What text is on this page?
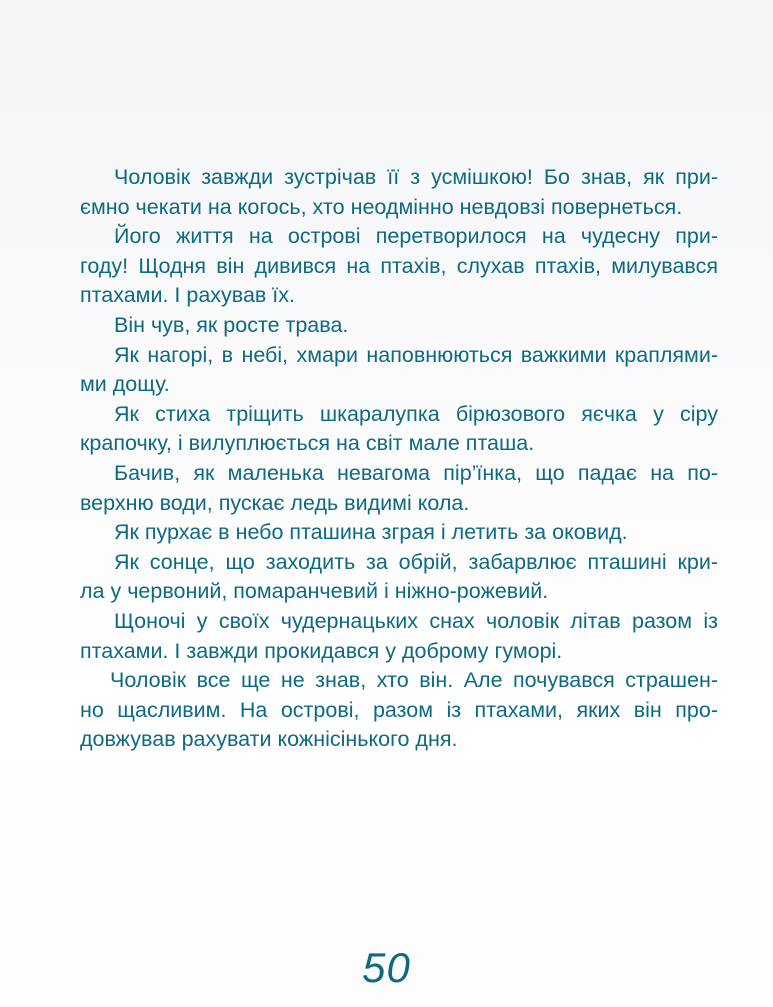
Чоловік завжди зустрічав її з усмішкою! Бо знав, як при-
ємно чекати на когось, хто неодмінно невдовзі повернеться.
Його життя на острові перетворилося на чудесну при-
году! Щодня він дивився на птахів, слухав птахів, милувався
птахами. І рахував їх.
Він чув, як росте трава.
Як нагорі, в небі, хмари наповнюються важкими краплями-
ми дощу.
Як стиха тріщить шкаралупка бірюзового яєчка у сіру
крапочку, і вилуплюється на світ мале пташа.
Бачив, як маленька невагома пір’їнка, що падає на по-
верхню води, пускає ледь видимі кола.
Як пурхає в небо пташина зграя і летить за оковид.
Як сонце, що заходить за обрій, забарвлює пташині кри-
ла у червоний, помаранчевий і ніжно-рожевий.
Щоночі у своїх чудернацьких снах чоловік літав разом із
птахами. І завжди прокидався у доброму гуморі.
Чоловік все ще не знав, хто він. Але почувався страшен-
но щасливим. На острові, разом із птахами, яких він про-
довжував рахувати кожнісінького дня.
50
